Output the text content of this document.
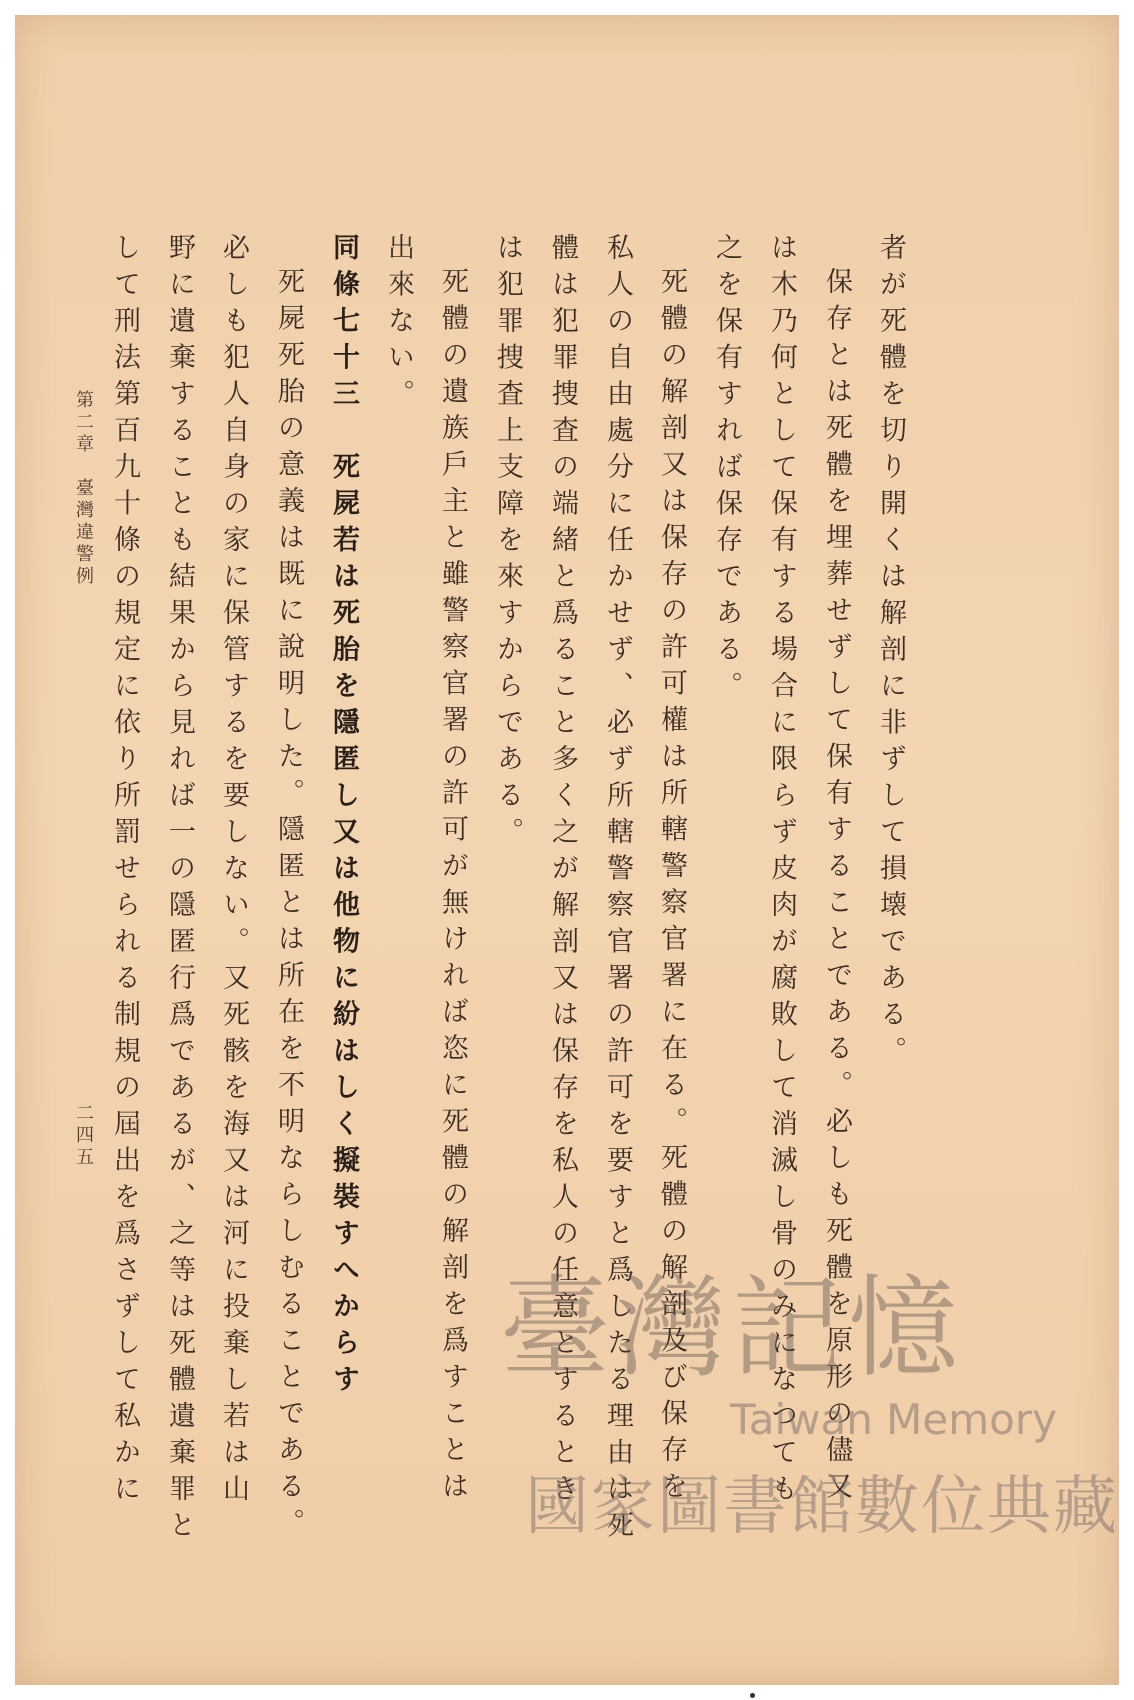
者が死體を切り開くは解剖に非ずして損壊である。
保存とは死體を埋葬せずして保有することである。必しも死體を原形の儘又
は木乃何として保有する場合に限らず皮肉が腐敗して消滅し骨のみになつても
之を保有すれば保存である。
死體の解剖又は保存の許可權は所轄警察官署に在る。死體の解剖及び保存を
私人の自由處分に任かせず、必ず所轄警察官署の許可を要すと爲したる理由は死
體は犯罪捜査の端緒と爲ること多く之が解剖又は保存を私人の任意とするとき
は犯罪捜査上支障を來すからである。
死體の遺族戶主と雖警察官署の許可が無ければ恣に死體の解剖を爲すことは
出來ない。
同條七十三　死屍若は死胎を隱匿し又は他物に紛はしく擬裝すへからす
死屍死胎の意義は既に說明した。隱匿とは所在を不明ならしむることである。
必しも犯人自身の家に保管するを要しない。又死骸を海又は河に投棄し若は山
野に遺棄することも結果から見れば一の隱匿行爲であるが、之等は死體遺棄罪と
して刑法第百九十條の規定に依り所罰せられる制規の屆出を爲さずして私かに
第二章　臺灣違警例
二四五
臺灣記憶
Taiwan Memory
國家圖書館數位典藏
